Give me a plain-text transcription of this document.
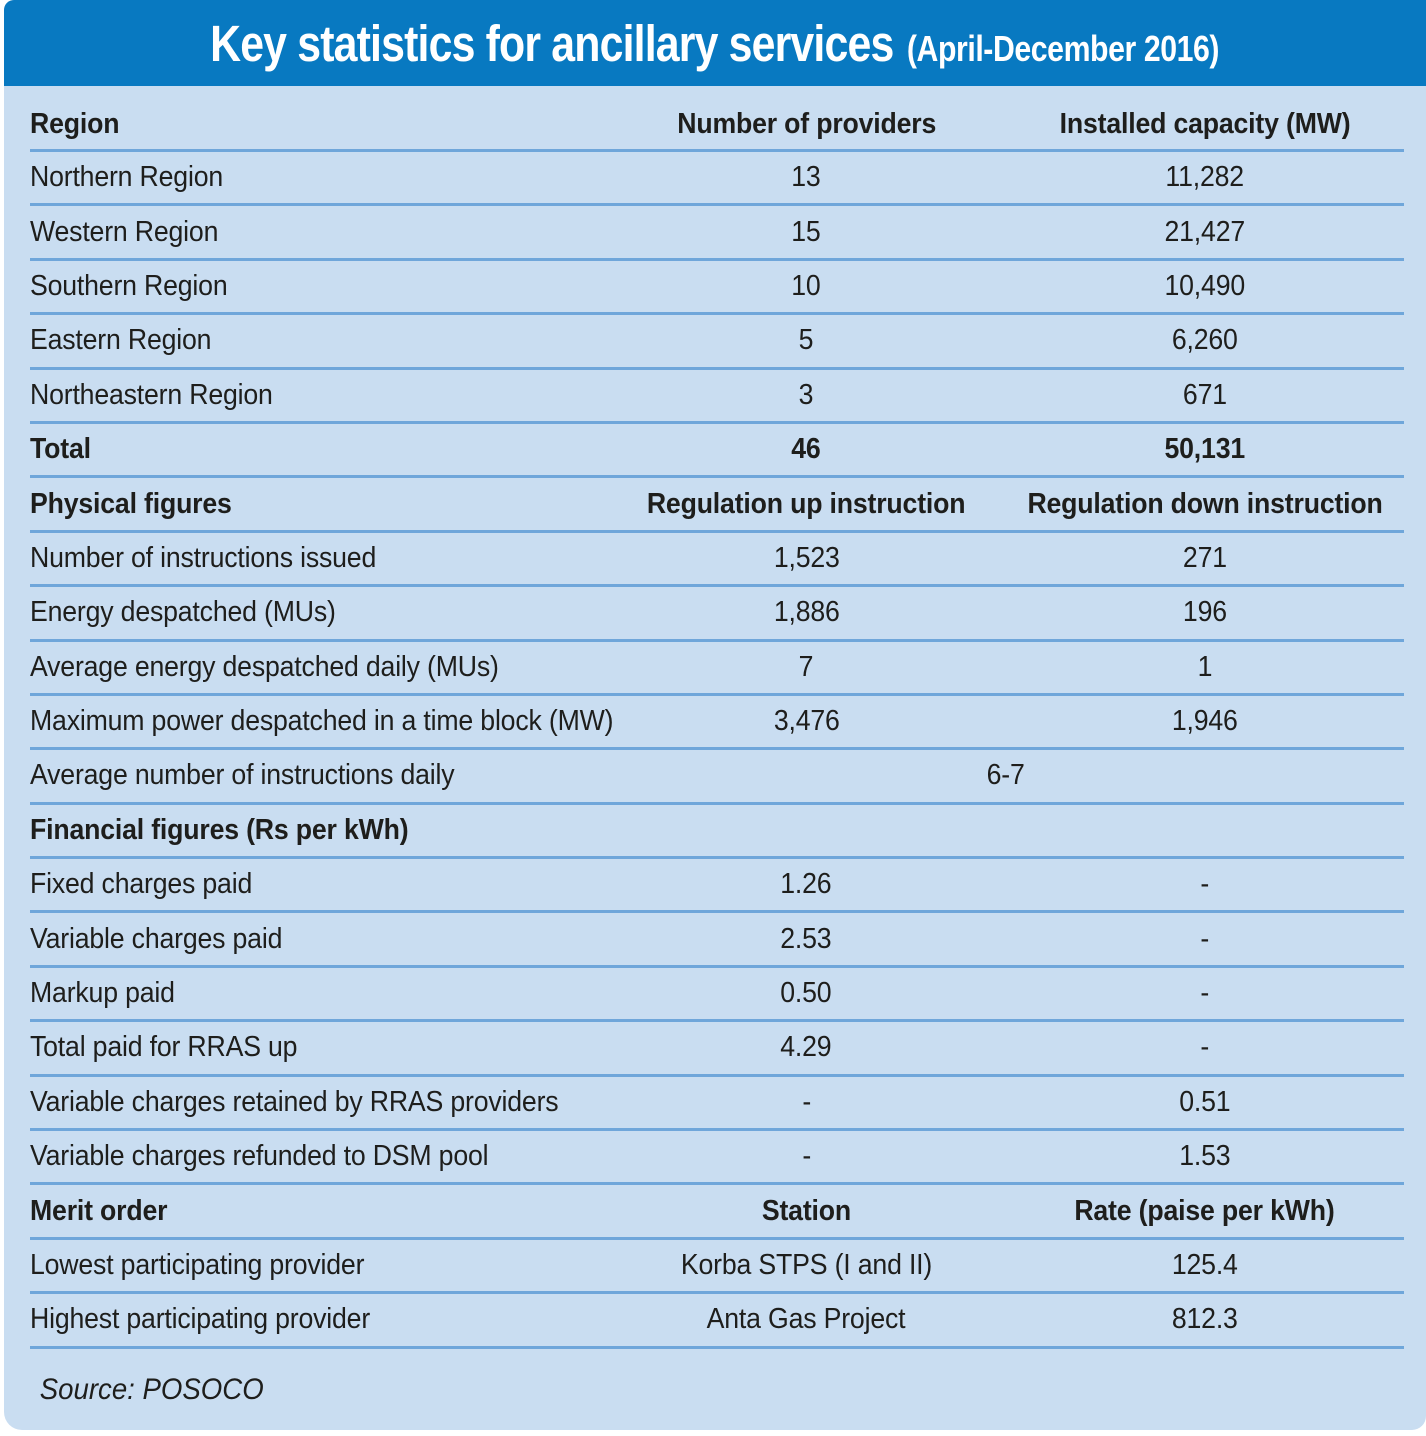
Key statistics for ancillary services (April-December 2016)
Region	Number of providers	Installed capacity (MW)
Northern Region	13	11,282
Western Region	15	21,427
Southern Region	10	10,490
Eastern Region	5	6,260
Northeastern Region	3	671
Total	46	50,131
Physical figures	Regulation up instruction	Regulation down instruction
Number of instructions issued	1,523	271
Energy despatched (MUs)	1,886	196
Average energy despatched daily (MUs)	7	1
Maximum power despatched in a time block (MW)	3,476	1,946
Average number of instructions daily	6-7
Financial figures (Rs per kWh)
Fixed charges paid	1.26	-
Variable charges paid	2.53	-
Markup paid	0.50	-
Total paid for RRAS up	4.29	-
Variable charges retained by RRAS providers	-	0.51
Variable charges refunded to DSM pool	-	1.53
Merit order	Station	Rate (paise per kWh)
Lowest participating provider	Korba STPS (I and II)	125.4
Highest participating provider	Anta Gas Project	812.3
Source: POSOCO
